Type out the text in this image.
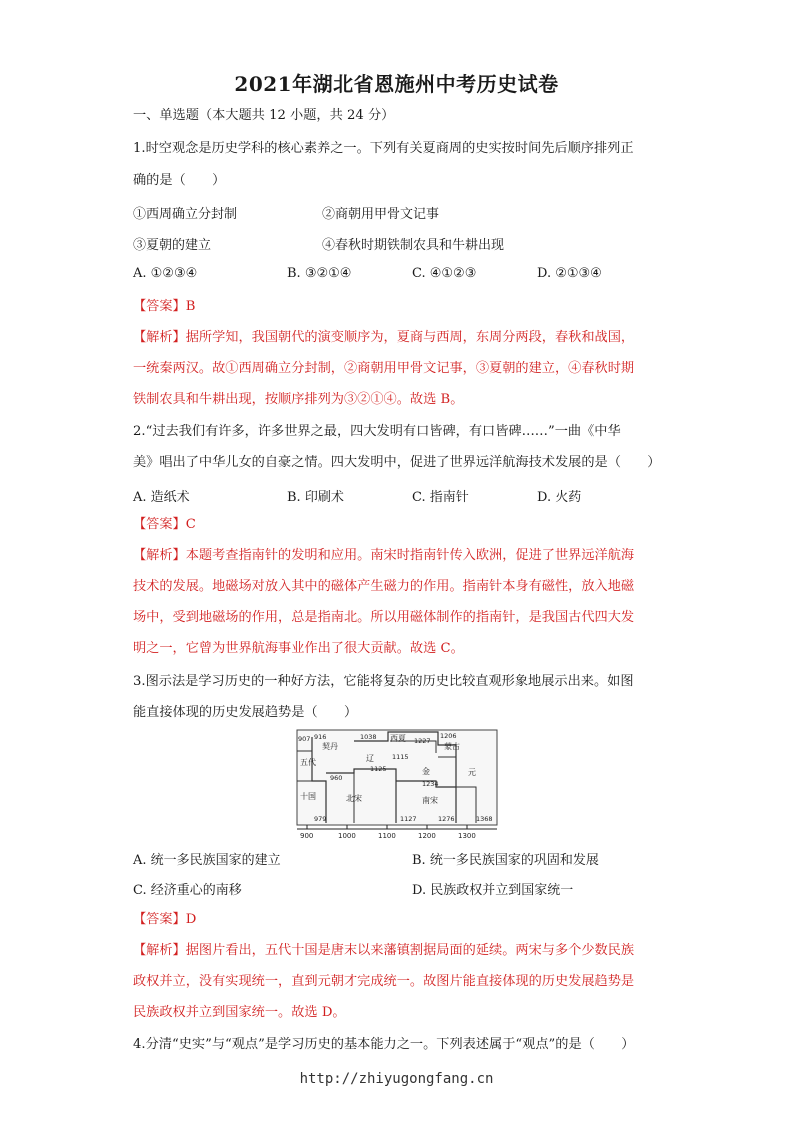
2021年湖北省恩施州中考历史试卷
一、单选题（本大题共 12 小题，共 24 分）
1.时空观念是历史学科的核心素养之一。下列有关夏商周的史实按时间先后顺序排列正
确的是（　　）
①西周确立分封制	②商朝用甲骨文记事
③夏朝的建立	④春秋时期铁制农具和牛耕出现
A. ①②③④	B. ③②①④	C. ④①②③	D. ②①③④
【答案】B
【解析】据所学知，我国朝代的演变顺序为，夏商与西周，东周分两段，春秋和战国，
一统秦两汉。故①西周确立分封制，②商朝用甲骨文记事，③夏朝的建立，④春秋时期
铁制农具和牛耕出现，按顺序排列为③②①④。故选 B。
2.“过去我们有许多，许多世界之最，四大发明有口皆碑，有口皆碑……”一曲《中华
美》唱出了中华儿女的自豪之情。四大发明中，促进了世界远洋航海技术发展的是（　　）
A. 造纸术	B. 印刷术	C. 指南针	D. 火药
【答案】C
【解析】本题考查指南针的发明和应用。南宋时指南针传入欧洲，促进了世界远洋航海
技术的发展。地磁场对放入其中的磁体产生磁力的作用。指南针本身有磁性，放入地磁
场中，受到地磁场的作用，总是指南北。所以用磁体制作的指南针，是我国古代四大发
明之一，它曾为世界航海事业作出了很大贡献。故选 C。
3.图示法是学习历史的一种好方法，它能将复杂的历史比较直观形象地展示出来。如图
能直接体现的历史发展趋势是（　　）
五代
十国
契丹
辽
北宋
西夏
金
南宋
蒙古
元
907 916	1038	1227
1206
1115
1125
960
1234
979	1127	1276	1368
900	1000	1100	1200	1300
A. 统一多民族国家的建立	B. 统一多民族国家的巩固和发展
C. 经济重心的南移	D. 民族政权并立到国家统一
【答案】D
【解析】据图片看出，五代十国是唐末以来藩镇割据局面的延续。两宋与多个少数民族
政权并立，没有实现统一，直到元朝才完成统一。故图片能直接体现的历史发展趋势是
民族政权并立到国家统一。故选 D。
4.分清“史实”与“观点”是学习历史的基本能力之一。下列表述属于“观点”的是（　　）
http://zhiyugongfang.cn
